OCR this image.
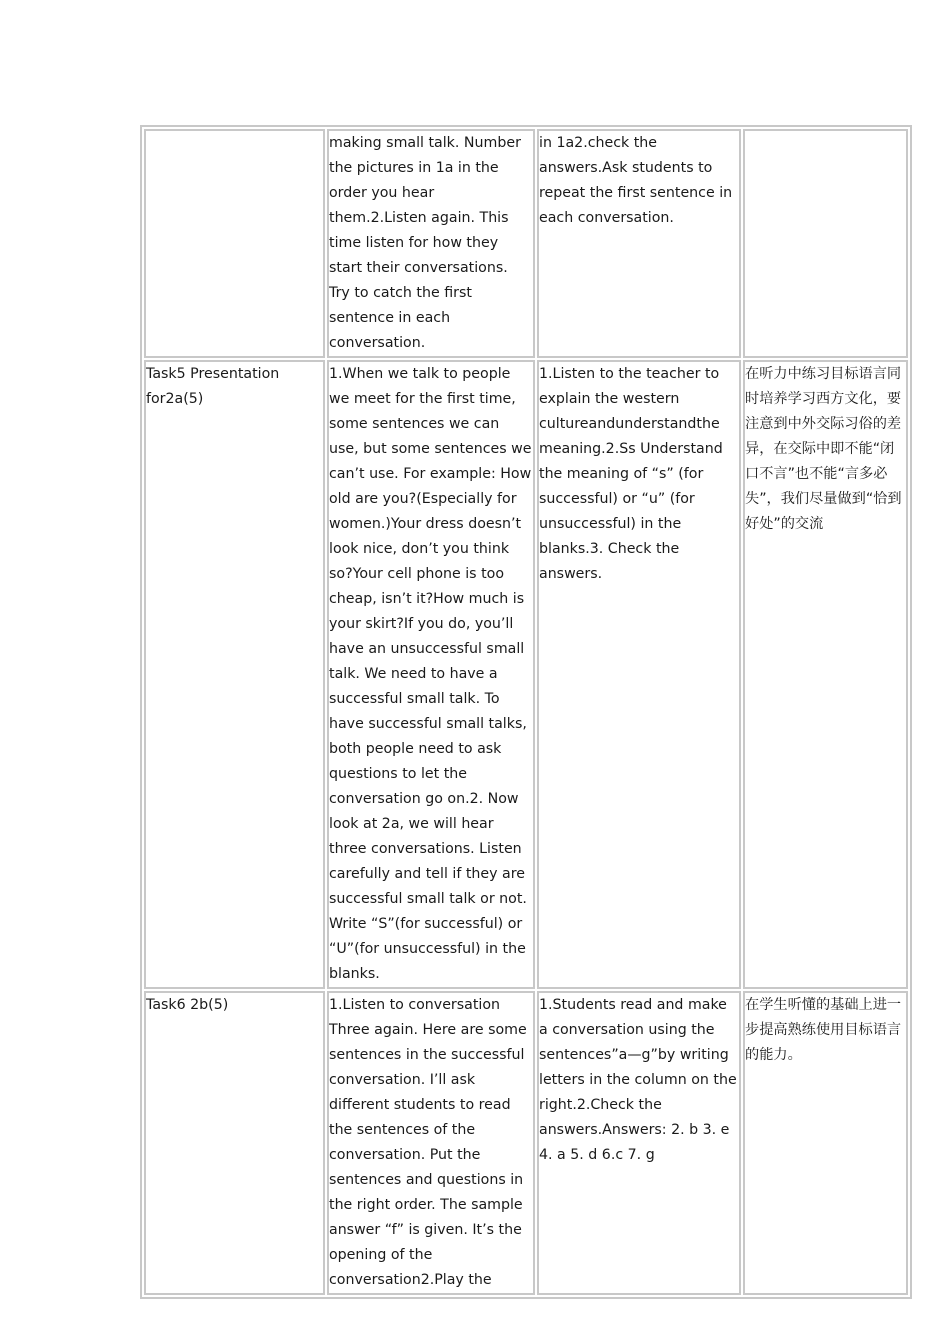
	making small talk. Number the pictures in 1a in the order you hear them.2.Listen again. This time listen for how they start their conversations. Try to catch the first sentence in each conversation.	in 1a2.check the answers.Ask students to repeat the first sentence in each conversation.	
Task5 Presentation for2a(5)	1.When we talk to people we meet for the first time, some sentences we can use, but some sentences we can’t use. For example: How old are you?(Especially for women.)Your dress doesn’t look nice, don’t you think so?Your cell phone is too cheap, isn’t it?How much is your skirt?If you do, you’ll have an unsuccessful small talk. We need to have a successful small talk. To have successful small talks, both people need to ask questions to let the conversation go on.2. Now look at 2a, we will hear three conversations. Listen carefully and tell if they are successful small talk or not. Write “S”(for successful) or “U”(for unsuccessful) in the blanks.	1.Listen to the teacher to explain the western cultureandunderstandthe meaning.2.Ss Understand the meaning of “s” (for successful) or “u” (for unsuccessful) in the blanks.3. Check the answers.	在听力中练习目标语言同时培养学习西方文化，要注意到中外交际习俗的差异，在交际中即不能“闭口不言”也不能“言多必失”，我们尽量做到“恰到好处”的交流
Task6 2b(5)	1.Listen to conversation Three again. Here are some sentences in the successful conversation. I’ll ask different students to read the sentences of the conversation. Put the sentences and questions in the right order. The sample answer “f” is given. It’s the opening of the conversation2.Play the	1.Students read and make a conversation using the sentences”a—g”by writing letters in the column on the right.2.Check the answers.Answers: 2. b 3. e 4. a 5. d 6.c 7. g	在学生听懂的基础上进一步提高熟练使用目标语言的能力。
